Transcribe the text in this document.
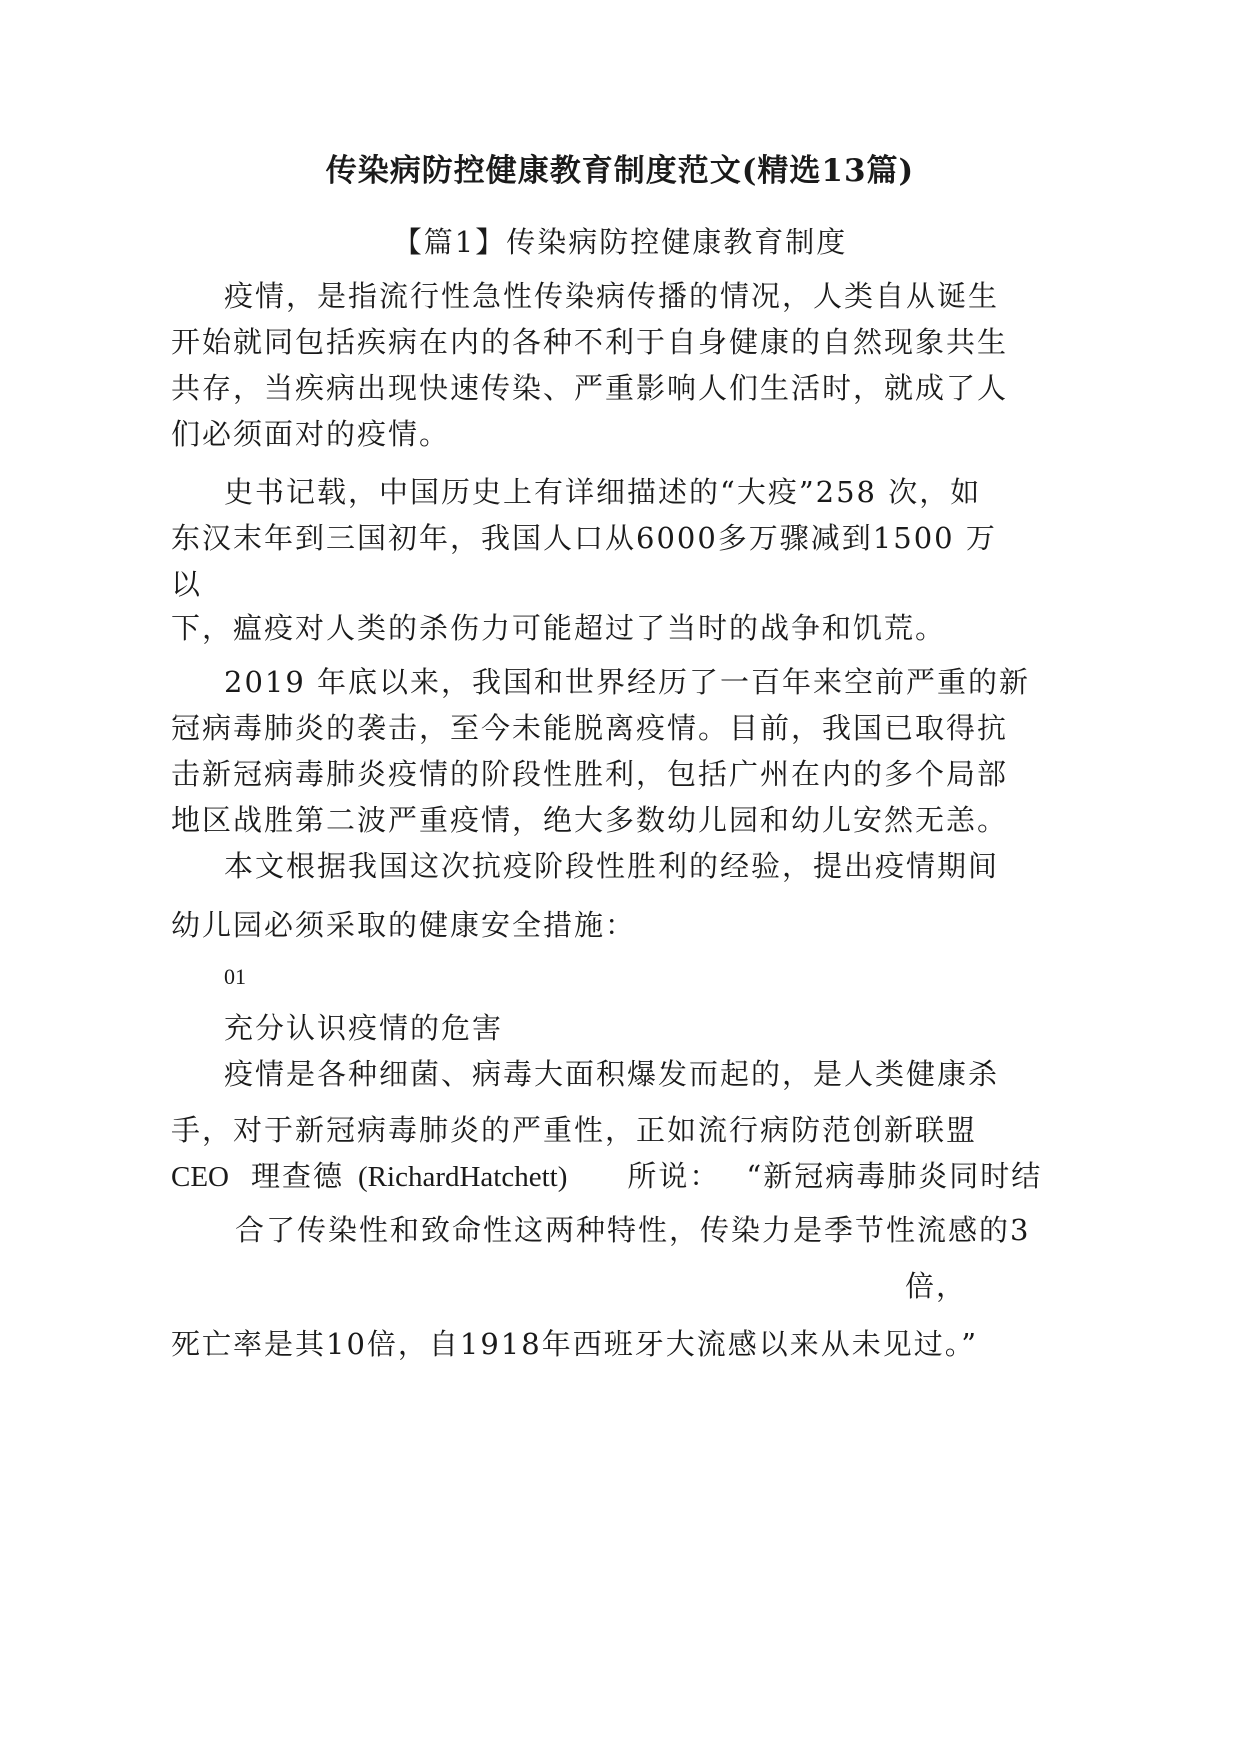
传染病防控健康教育制度范文(精选13篇)
【篇1】传染病防控健康教育制度
疫情，是指流行性急性传染病传播的情况，人类自从诞生
开始就同包括疾病在内的各种不利于自身健康的自然现象共生
共存，当疾病出现快速传染、严重影响人们生活时，就成了人
们必须面对的疫情。
史书记载，中国历史上有详细描述的“大疫”258 次，如
东汉末年到三国初年，我国人口从6000多万骤减到1500 万
以
下，瘟疫对人类的杀伤力可能超过了当时的战争和饥荒。
2019 年底以来，我国和世界经历了一百年来空前严重的新
冠病毒肺炎的袭击，至今未能脱离疫情。目前，我国已取得抗
击新冠病毒肺炎疫情的阶段性胜利，包括广州在内的多个局部
地区战胜第二波严重疫情，绝大多数幼儿园和幼儿安然无恙。
本文根据我国这次抗疫阶段性胜利的经验，提出疫情期间
幼儿园必须采取的健康安全措施：
01
充分认识疫情的危害
疫情是各种细菌、病毒大面积爆发而起的，是人类健康杀
手，对于新冠病毒肺炎的严重性，正如流行病防范创新联盟
CEO 理查德 (RichardHatchett) 所说： “新冠病毒肺炎同时结
合了传染性和致命性这两种特性，传染力是季节性流感的3
倍，
死亡率是其10倍，自1918年西班牙大流感以来从未见过。”
